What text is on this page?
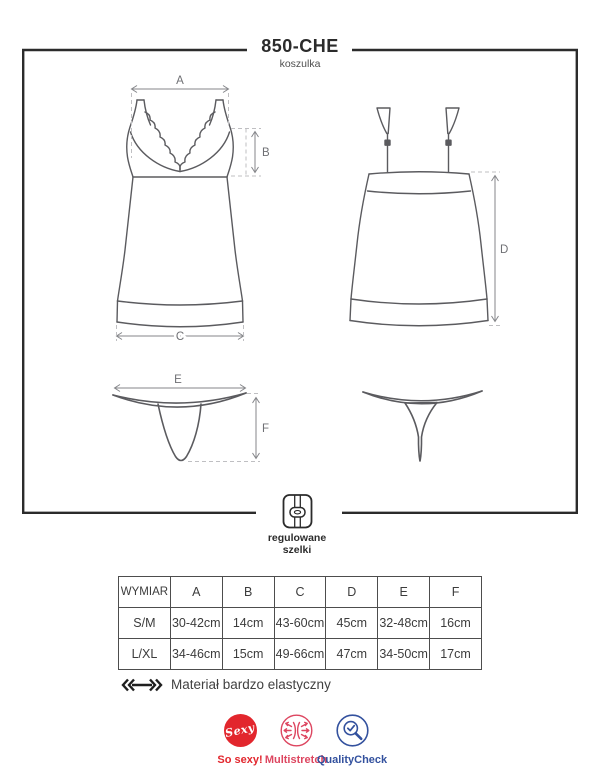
850-CHE
koszulka
A
B
C
D
E
F
regulowane
szelki
WYMIAR	A	B	C	D	E	F
S/M	30-42cm	14cm	43-60cm	45cm	32-48cm	16cm
L/XL	34-46cm	15cm	49-66cm	47cm	34-50cm	17cm
Materiał bardzo elastyczny
Sexy
So sexy! Multistretch
QualityCheck
